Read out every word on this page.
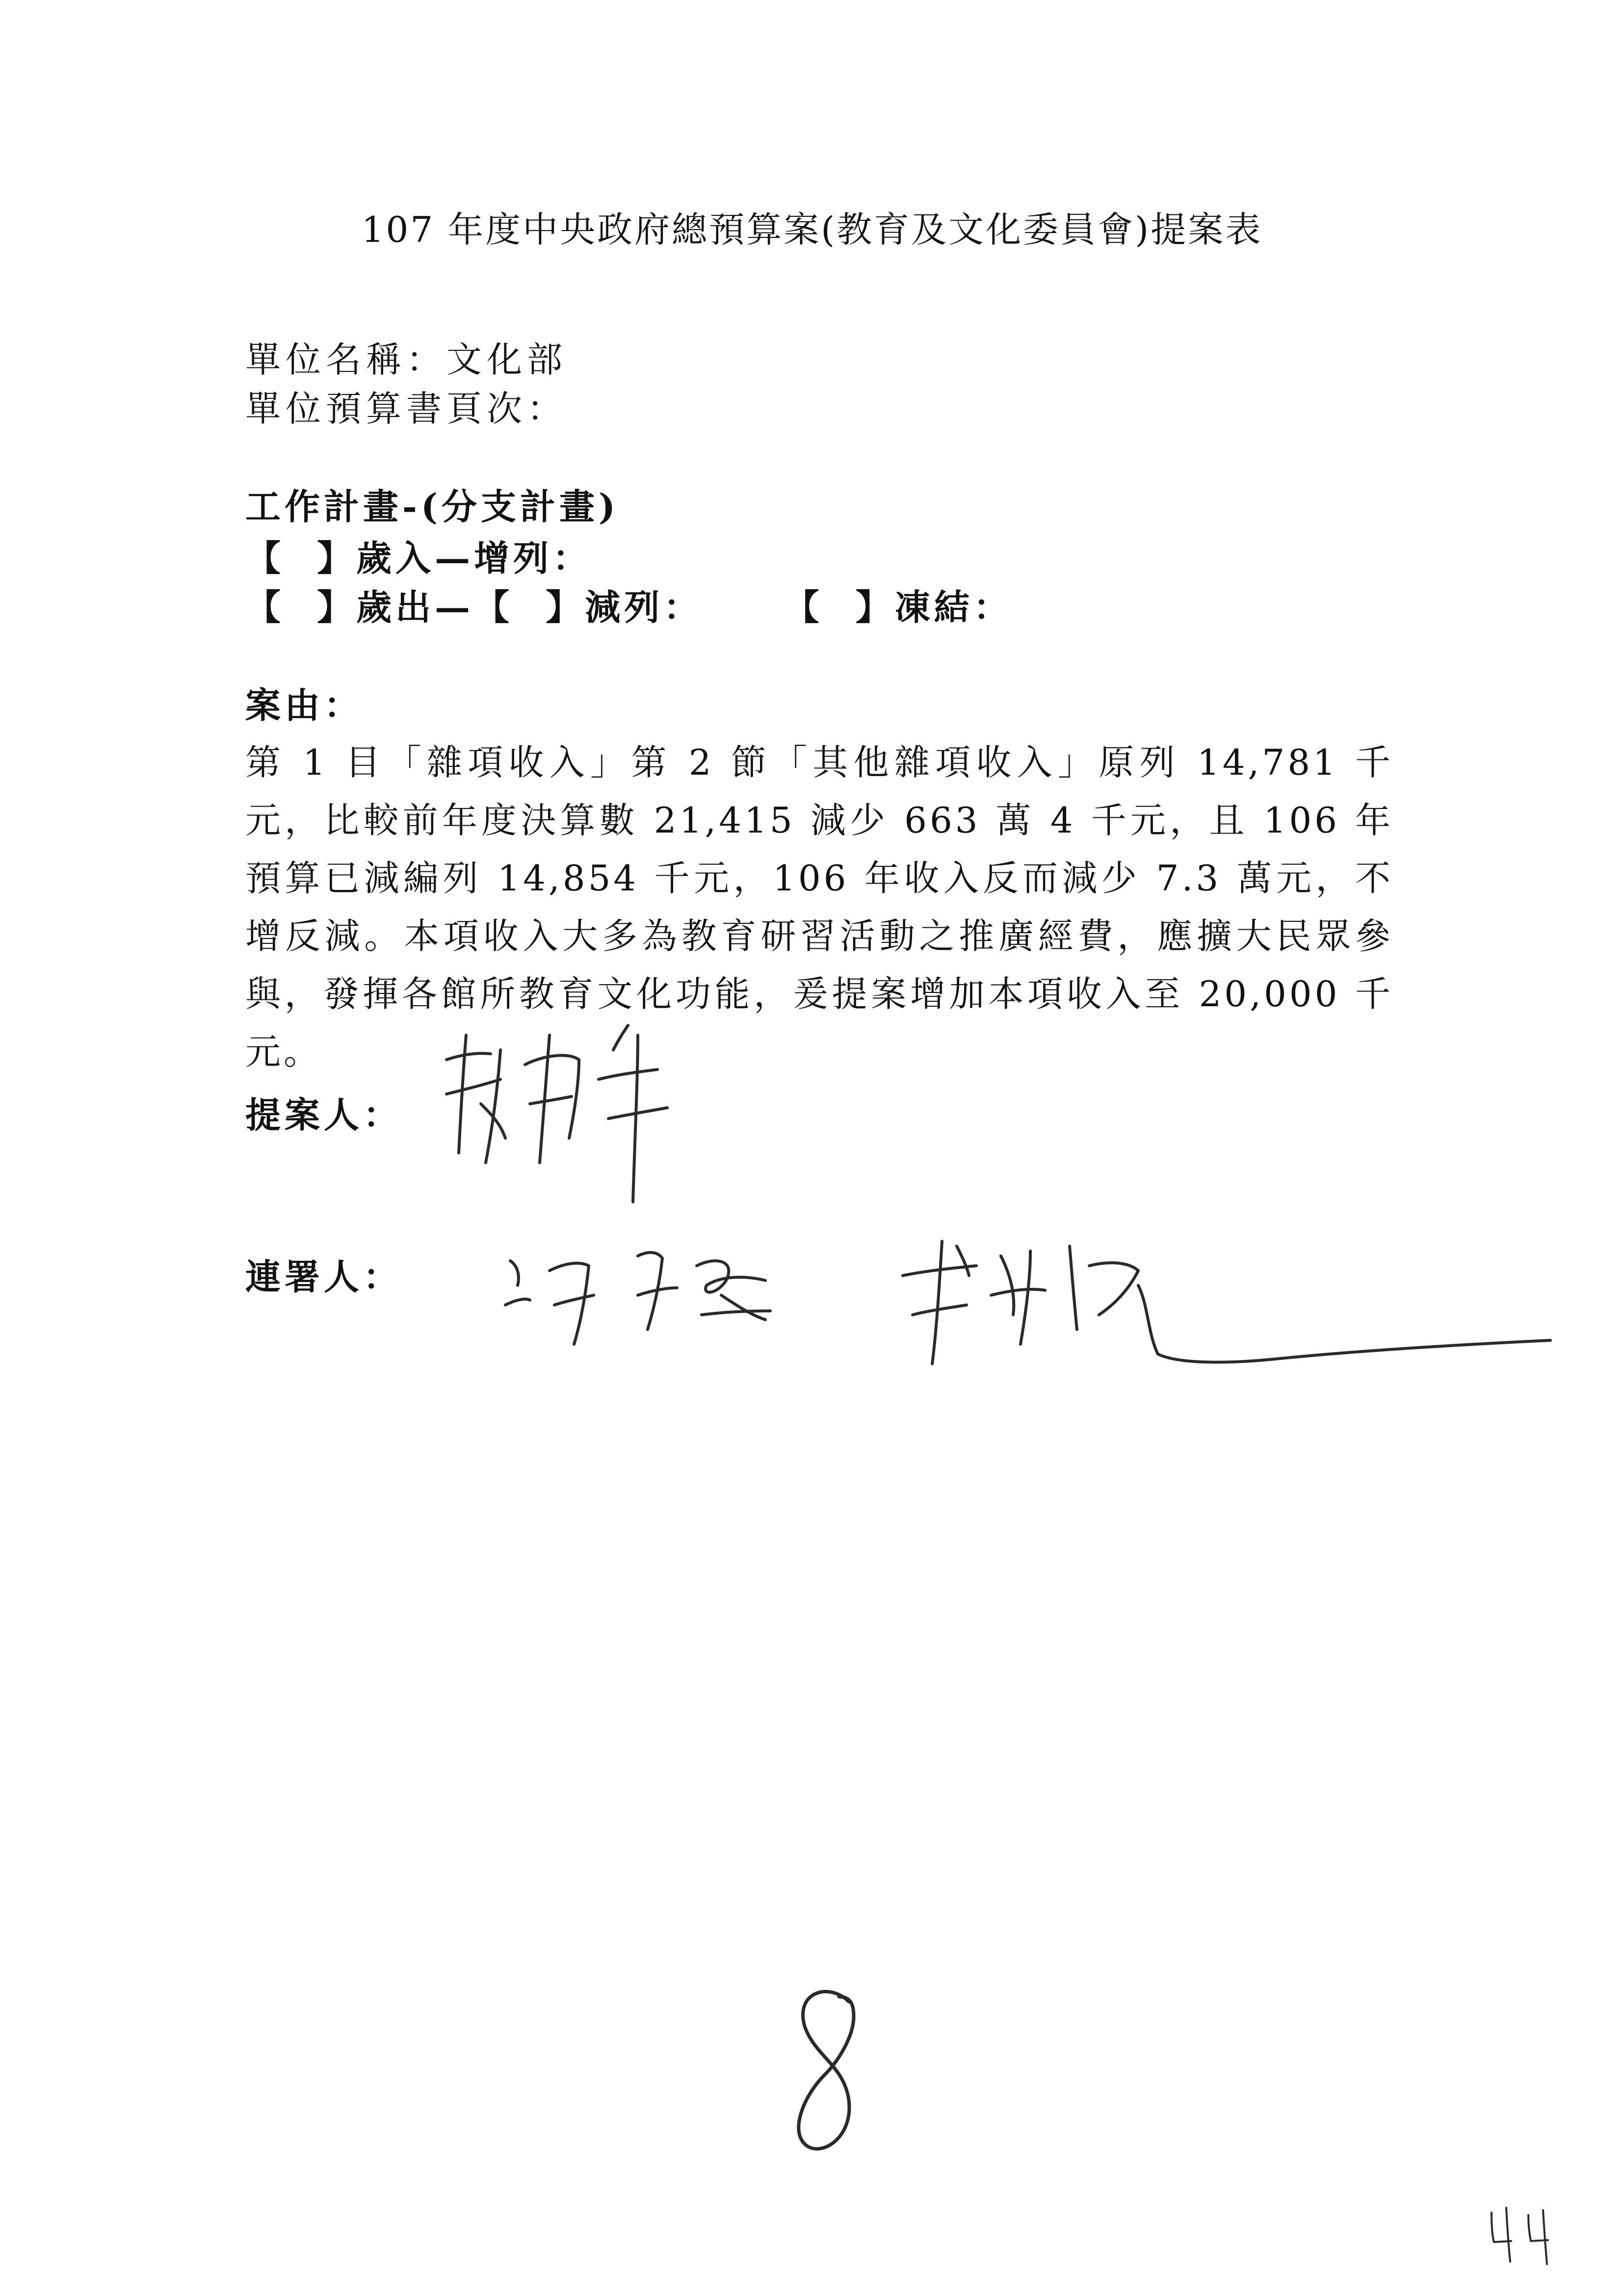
107 年度中央政府總預算案(教育及文化委員會)提案表
單位名稱：文化部
單位預算書頁次：
工作計畫-(分支計畫)
【  】歲入—增列：
【  】歲出—【  】減列：     【  】凍結：
案由：

第 1 目「雜項收入」第 2 節「其他雜項收入」原列 14,781 千元，比較前年度決算數 21,415 減少 663 萬 4 千元，且 106 年預算已減編列 14,854 千元，106 年收入反而減少 7.3 萬元，不增反減。本項收入大多為教育研習活動之推廣經費，應擴大民眾參與，發揮各館所教育文化功能，爰提案增加本項收入至 20,000 千元。

提案人：
連署人：
